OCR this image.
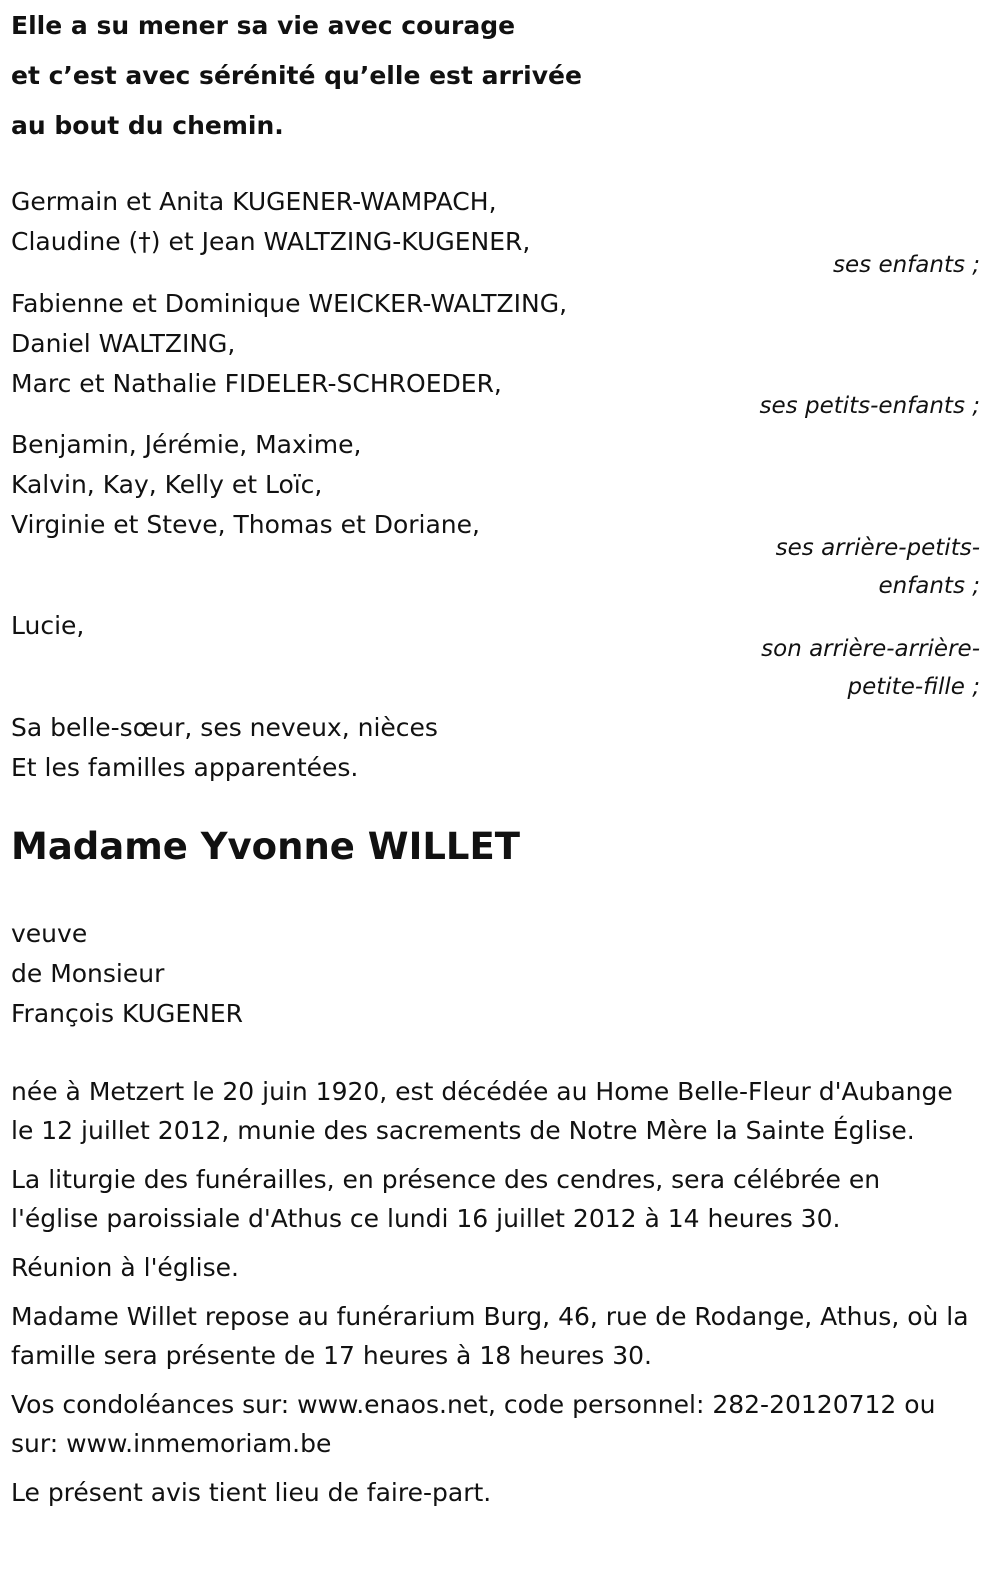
Elle a su mener sa vie avec courage
et c’est avec sérénité qu’elle est arrivée
au bout du chemin.
Germain et Anita KUGENER-WAMPACH,
Claudine (†) et Jean WALTZING-KUGENER,
ses enfants ;
Fabienne et Dominique WEICKER-WALTZING,
Daniel WALTZING,
Marc et Nathalie FIDELER-SCHROEDER,
ses petits-enfants ;
Benjamin, Jérémie, Maxime,
Kalvin, Kay, Kelly et Loïc,
Virginie et Steve, Thomas et Doriane,
ses arrière-petits-
enfants ;
Lucie,
son arrière-arrière-
petite-fille ;
Sa belle-sœur, ses neveux, nièces
Et les familles apparentées.
Madame Yvonne WILLET
veuve
de Monsieur
François KUGENER

née à Metzert le 20 juin 1920, est décédée au Home Belle-Fleur d'Aubange le 12 juillet 2012, munie des sacrements de Notre Mère la Sainte Église.

La liturgie des funérailles, en présence des cendres, sera célébrée en l'église paroissiale d'Athus ce lundi 16 juillet 2012 à 14 heures 30.

Réunion à l'église.

Madame Willet repose au funérarium Burg, 46, rue de Rodange, Athus, où la famille sera présente de 17 heures à 18 heures 30.

Vos condoléances sur: www.enaos.net, code personnel: 282-20120712 ou sur: www.inmemoriam.be

Le présent avis tient lieu de faire-part.
